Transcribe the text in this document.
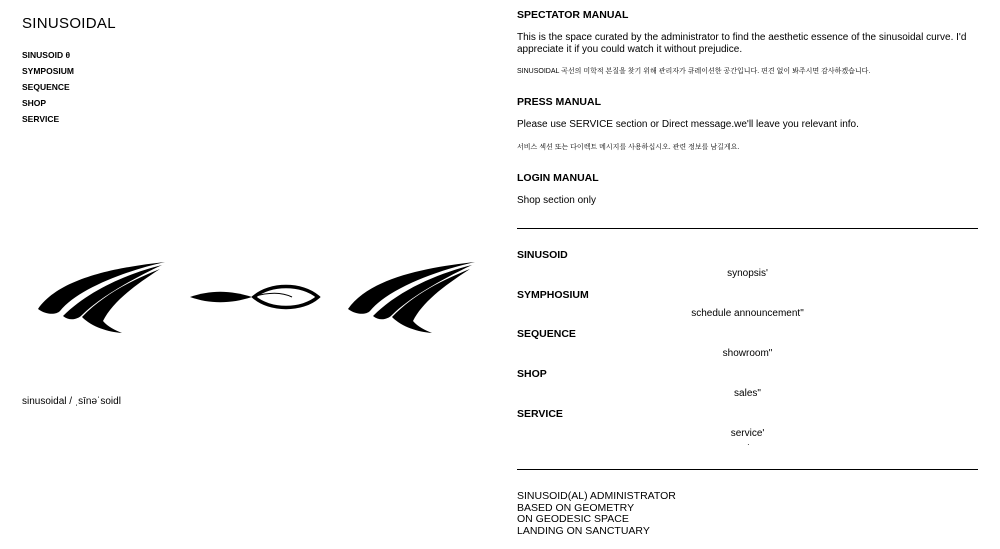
SINUSOIDAL
SINUSOID θ
SYMPOSIUM
SEQUENCE
SHOP
SERVICE
sinusoidal / ˌsīnəˈsoidl
SPECTATOR MANUAL

This is the space curated by the administrator to find the aesthetic essence of the sinusoidal curve. I'd appreciate it if you could watch it without prejudice.

SINUSOIDAL 곡선의 미학적 본질을 찾기 위해 관리자가 큐레이션한 공간입니다. 편견 없이 봐주시면 감사하겠습니다.

PRESS MANUAL

Please use SERVICE section or Direct message.we'll leave you relevant info.

서비스 섹션 또는 다이렉트 메시지를 사용하십시오. 관련 정보를 남길게요.

LOGIN MANUAL

Shop section only

SINUSOID
synopsis'
SYMPHOSIUM
schedule announcement"
SEQUENCE
showroom"
SHOP
sales"
SERVICE
service'
·
SINUSOID(AL) ADMINISTRATOR
BASED ON GEOMETRY
ON GEODESIC SPACE
LANDING ON SANCTUARY
